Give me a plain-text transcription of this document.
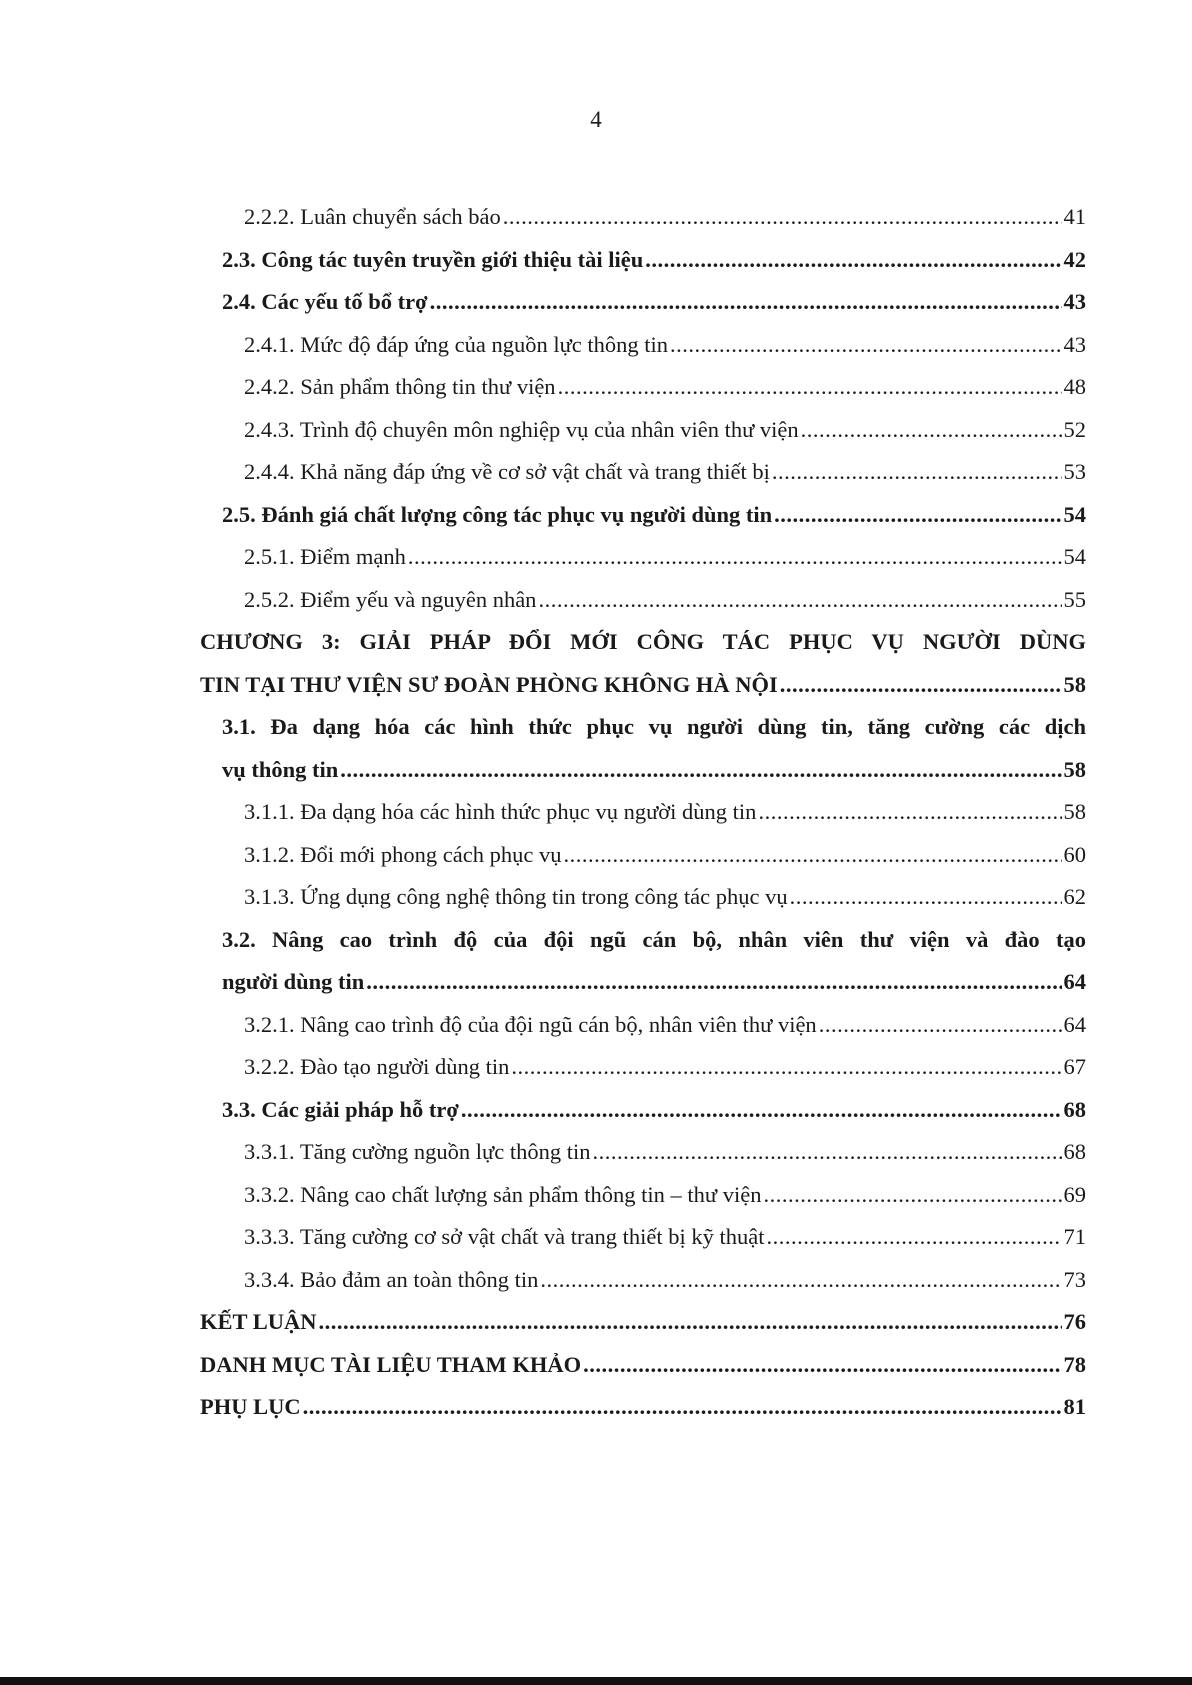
4
2.2.2. Luân chuyển sách báo .....	41
2.3. Công tác tuyên truyền giới thiệu tài liệu .....	42
2.4. Các yếu tố bổ trợ .....	43
2.4.1. Mức độ đáp ứng của nguồn lực thông tin .....	43
2.4.2. Sản phẩm thông tin thư viện .....	48
2.4.3. Trình độ chuyên môn nghiệp vụ của nhân viên thư viện .....	52
2.4.4. Khả năng đáp ứng về cơ sở vật chất và trang thiết bị .....	53
2.5. Đánh giá chất lượng công tác phục vụ người dùng tin .....	54
2.5.1. Điểm mạnh .....	54
2.5.2. Điểm yếu và nguyên nhân .....	55
CHƯƠNG 3: GIẢI PHÁP ĐỔI MỚI CÔNG TÁC PHỤC VỤ NGƯỜI DÙNG
TIN TẠI THƯ VIỆN SƯ ĐOÀN PHÒNG KHÔNG HÀ NỘI .....	58
3.1. Đa dạng hóa các hình thức phục vụ người dùng tin, tăng cường các dịch
vụ thông tin .....	58
3.1.1. Đa dạng hóa các hình thức phục vụ người dùng tin .....	58
3.1.2. Đổi mới phong cách phục vụ .....	60
3.1.3. Ứng dụng công nghệ thông tin trong công tác phục vụ .....	62
3.2. Nâng cao trình độ của đội ngũ cán bộ, nhân viên thư viện và đào tạo
người dùng tin .....	64
3.2.1. Nâng cao trình độ của đội ngũ cán bộ, nhân viên thư viện .....	64
3.2.2. Đào tạo người dùng tin .....	67
3.3. Các giải pháp hỗ trợ .....	68
3.3.1. Tăng cường nguồn lực thông tin .....	68
3.3.2. Nâng cao chất lượng sản phẩm thông tin – thư viện .....	69
3.3.3. Tăng cường cơ sở vật chất và trang thiết bị kỹ thuật .....	71
3.3.4. Bảo đảm an toàn thông tin .....	73
KẾT LUẬN .....	76
DANH MỤC TÀI LIỆU THAM KHẢO .....	78
PHỤ LỤC .....	81
